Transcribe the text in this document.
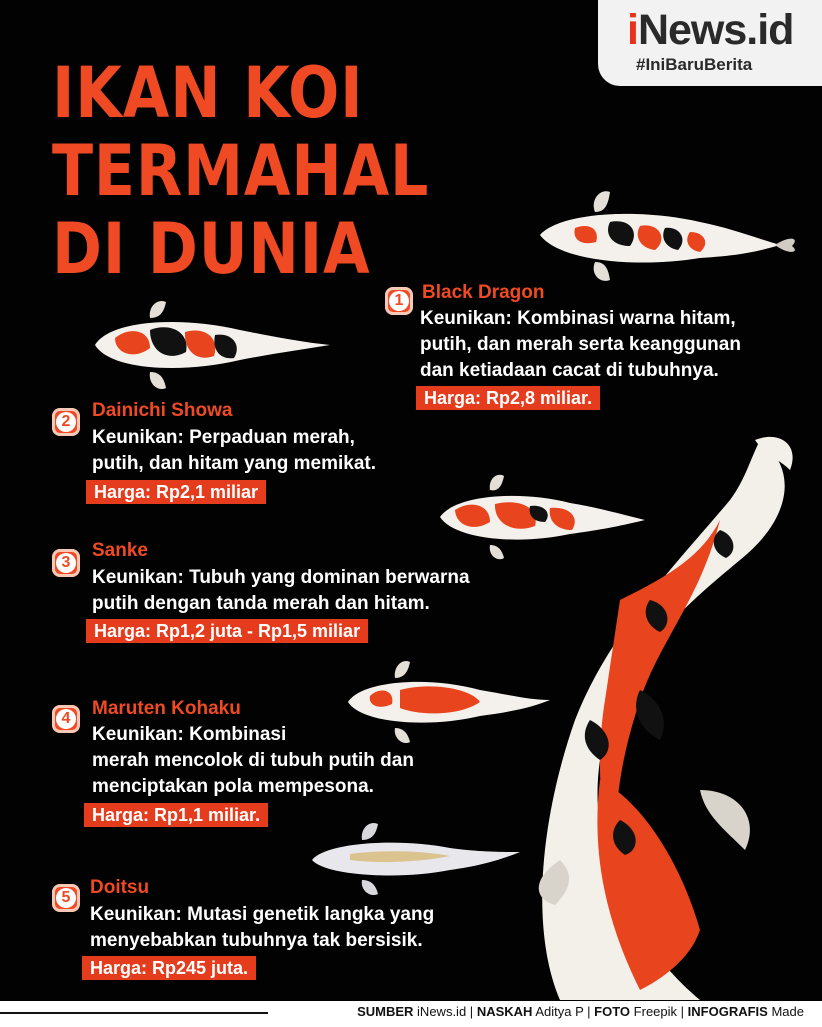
iNews.id
#IniBaruBerita
IKAN KOI
TERMAHAL
DI DUNIA
1 Black Dragon
Keunikan: Kombinasi warna hitam,
putih, dan merah serta keanggunan
dan ketiadaan cacat di tubuhnya.
Harga: Rp2,8 miliar.
2
Dainichi Showa
Keunikan: Perpaduan merah,
putih, dan hitam yang memikat.
Harga: Rp2,1 miliar
3
Sanke
Keunikan: Tubuh yang dominan berwarna
putih dengan tanda merah dan hitam.
Harga: Rp1,2 juta - Rp1,5 miliar
4 Maruten Kohaku
Keunikan: Kombinasi
merah mencolok di tubuh putih dan
menciptakan pola mempesona.
Harga: Rp1,1 miliar.
5 Doitsu
Keunikan: Mutasi genetik langka yang
menyebabkan tubuhnya tak bersisik.
Harga: Rp245 juta.
SUMBER iNews.id | NASKAH Aditya P | FOTO Freepik | INFOGRAFIS Made
